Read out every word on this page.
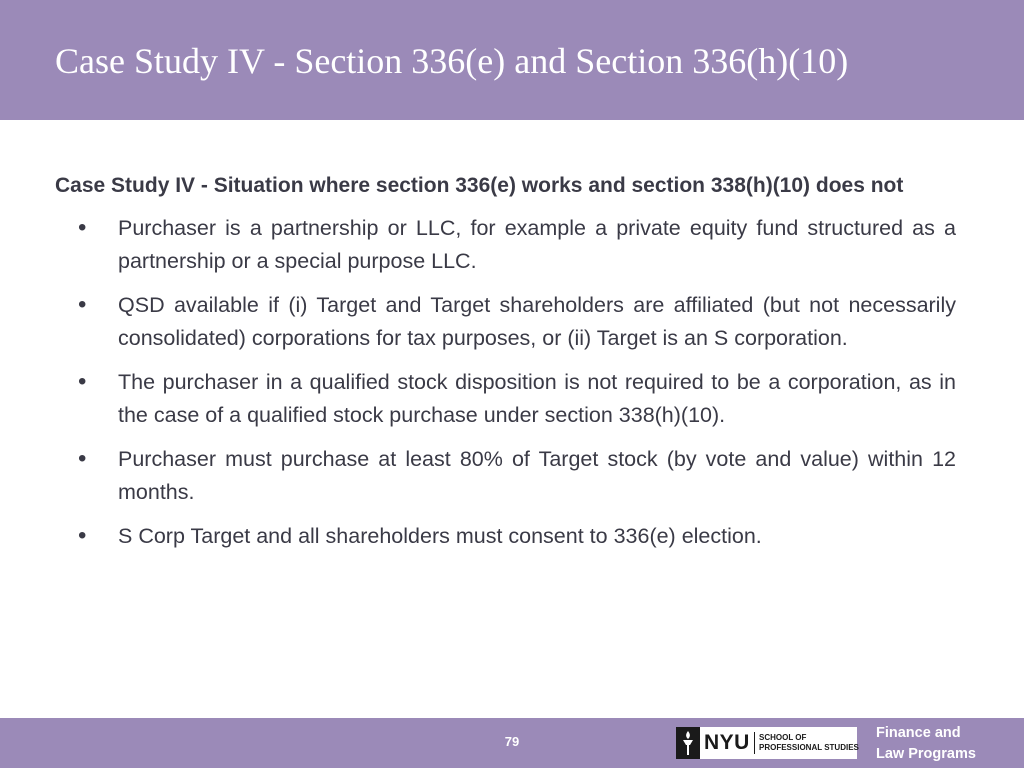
Case Study IV - Section 336(e) and Section 336(h)(10)

Case Study IV - Situation where section 336(e) works and section 338(h)(10) does not

• Purchaser is a partnership or LLC, for example a private equity fund structured as a partnership or a special purpose LLC.
• QSD available if (i) Target and Target shareholders are affiliated (but not necessarily consolidated) corporations for tax purposes, or (ii) Target is an S corporation.
• The purchaser in a qualified stock disposition is not required to be a corporation, as in the case of a qualified stock purchase under section 338(h)(10).
• Purchaser must purchase at least 80% of Target stock (by vote and value) within 12 months.
• S Corp Target and all shareholders must consent to 336(e) election.
79	NYU SCHOOL OF
PROFESSIONAL STUDIES
Finance and
Law Programs
